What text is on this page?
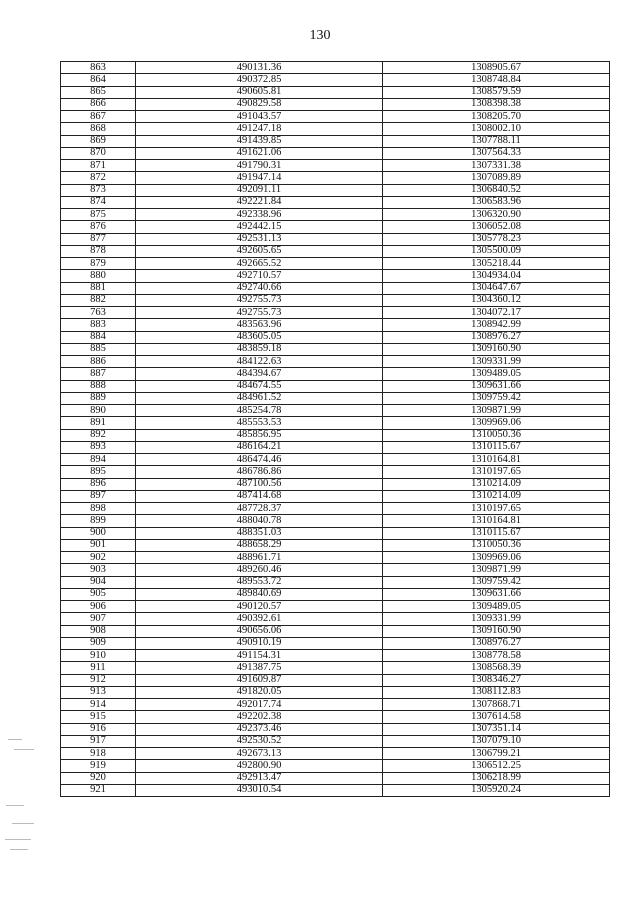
130
863	490131.36	1308905.67
864	490372.85	1308748.84
865	490605.81	1308579.59
866	490829.58	1308398.38
867	491043.57	1308205.70
868	491247.18	1308002.10
869	491439.85	1307788.11
870	491621.06	1307564.33
871	491790.31	1307331.38
872	491947.14	1307089.89
873	492091.11	1306840.52
874	492221.84	1306583.96
875	492338.96	1306320.90
876	492442.15	1306052.08
877	492531.13	1305778.23
878	492605.65	1305500.09
879	492665.52	1305218.44
880	492710.57	1304934.04
881	492740.66	1304647.67
882	492755.73	1304360.12
763	492755.73	1304072.17
883	483563.96	1308942.99
884	483605.05	1308976.27
885	483859.18	1309160.90
886	484122.63	1309331.99
887	484394.67	1309489.05
888	484674.55	1309631.66
889	484961.52	1309759.42
890	485254.78	1309871.99
891	485553.53	1309969.06
892	485856.95	1310050.36
893	486164.21	1310115.67
894	486474.46	1310164.81
895	486786.86	1310197.65
896	487100.56	1310214.09
897	487414.68	1310214.09
898	487728.37	1310197.65
899	488040.78	1310164.81
900	488351.03	1310115.67
901	488658.29	1310050.36
902	488961.71	1309969.06
903	489260.46	1309871.99
904	489553.72	1309759.42
905	489840.69	1309631.66
906	490120.57	1309489.05
907	490392.61	1309331.99
908	490656.06	1309160.90
909	490910.19	1308976.27
910	491154.31	1308778.58
911	491387.75	1308568.39
912	491609.87	1308346.27
913	491820.05	1308112.83
914	492017.74	1307868.71
915	492202.38	1307614.58
916	492373.46	1307351.14
917	492530.52	1307079.10
918	492673.13	1306799.21
919	492800.90	1306512.25
920	492913.47	1306218.99
921	493010.54	1305920.24
